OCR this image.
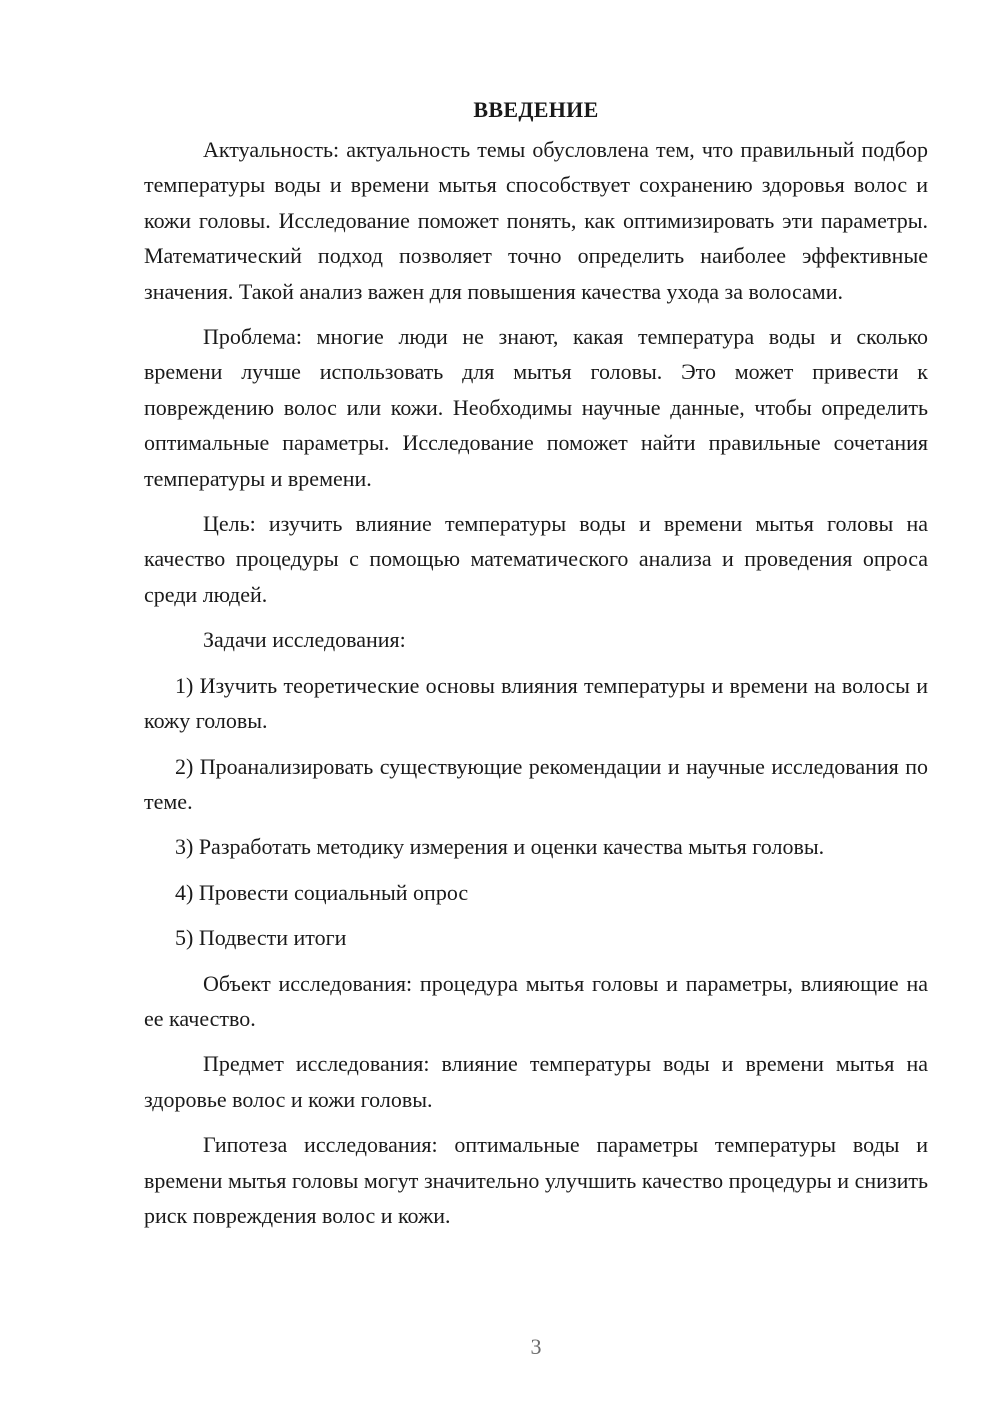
ВВЕДЕНИЕ

Актуальность: актуальность темы обусловлена тем, что правильный подбор температуры воды и времени мытья способствует сохранению здоровья волос и кожи головы. Исследование поможет понять, как оптимизировать эти параметры. Математический подход позволяет точно определить наиболее эффективные значения. Такой анализ важен для повышения качества ухода за волосами.

Проблема: многие люди не знают, какая температура воды и сколько времени лучше использовать для мытья головы. Это может привести к повреждению волос или кожи. Необходимы научные данные, чтобы определить оптимальные параметры. Исследование поможет найти правильные сочетания температуры и времени.

Цель: изучить влияние температуры воды и времени мытья головы на качество процедуры с помощью математического анализа и проведения опроса среди людей.

Задачи исследования:

1) Изучить теоретические основы влияния температуры и времени на волосы и кожу головы.

2) Проанализировать существующие рекомендации и научные исследования по теме.

3) Разработать методику измерения и оценки качества мытья головы.

4) Провести социальный опрос

5) Подвести итоги

Объект исследования: процедура мытья головы и параметры, влияющие на ее качество.

Предмет исследования: влияние температуры воды и времени мытья на здоровье волос и кожи головы.

Гипотеза исследования: оптимальные параметры температуры воды и времени мытья головы могут значительно улучшить качество процедуры и снизить риск повреждения волос и кожи.

3
